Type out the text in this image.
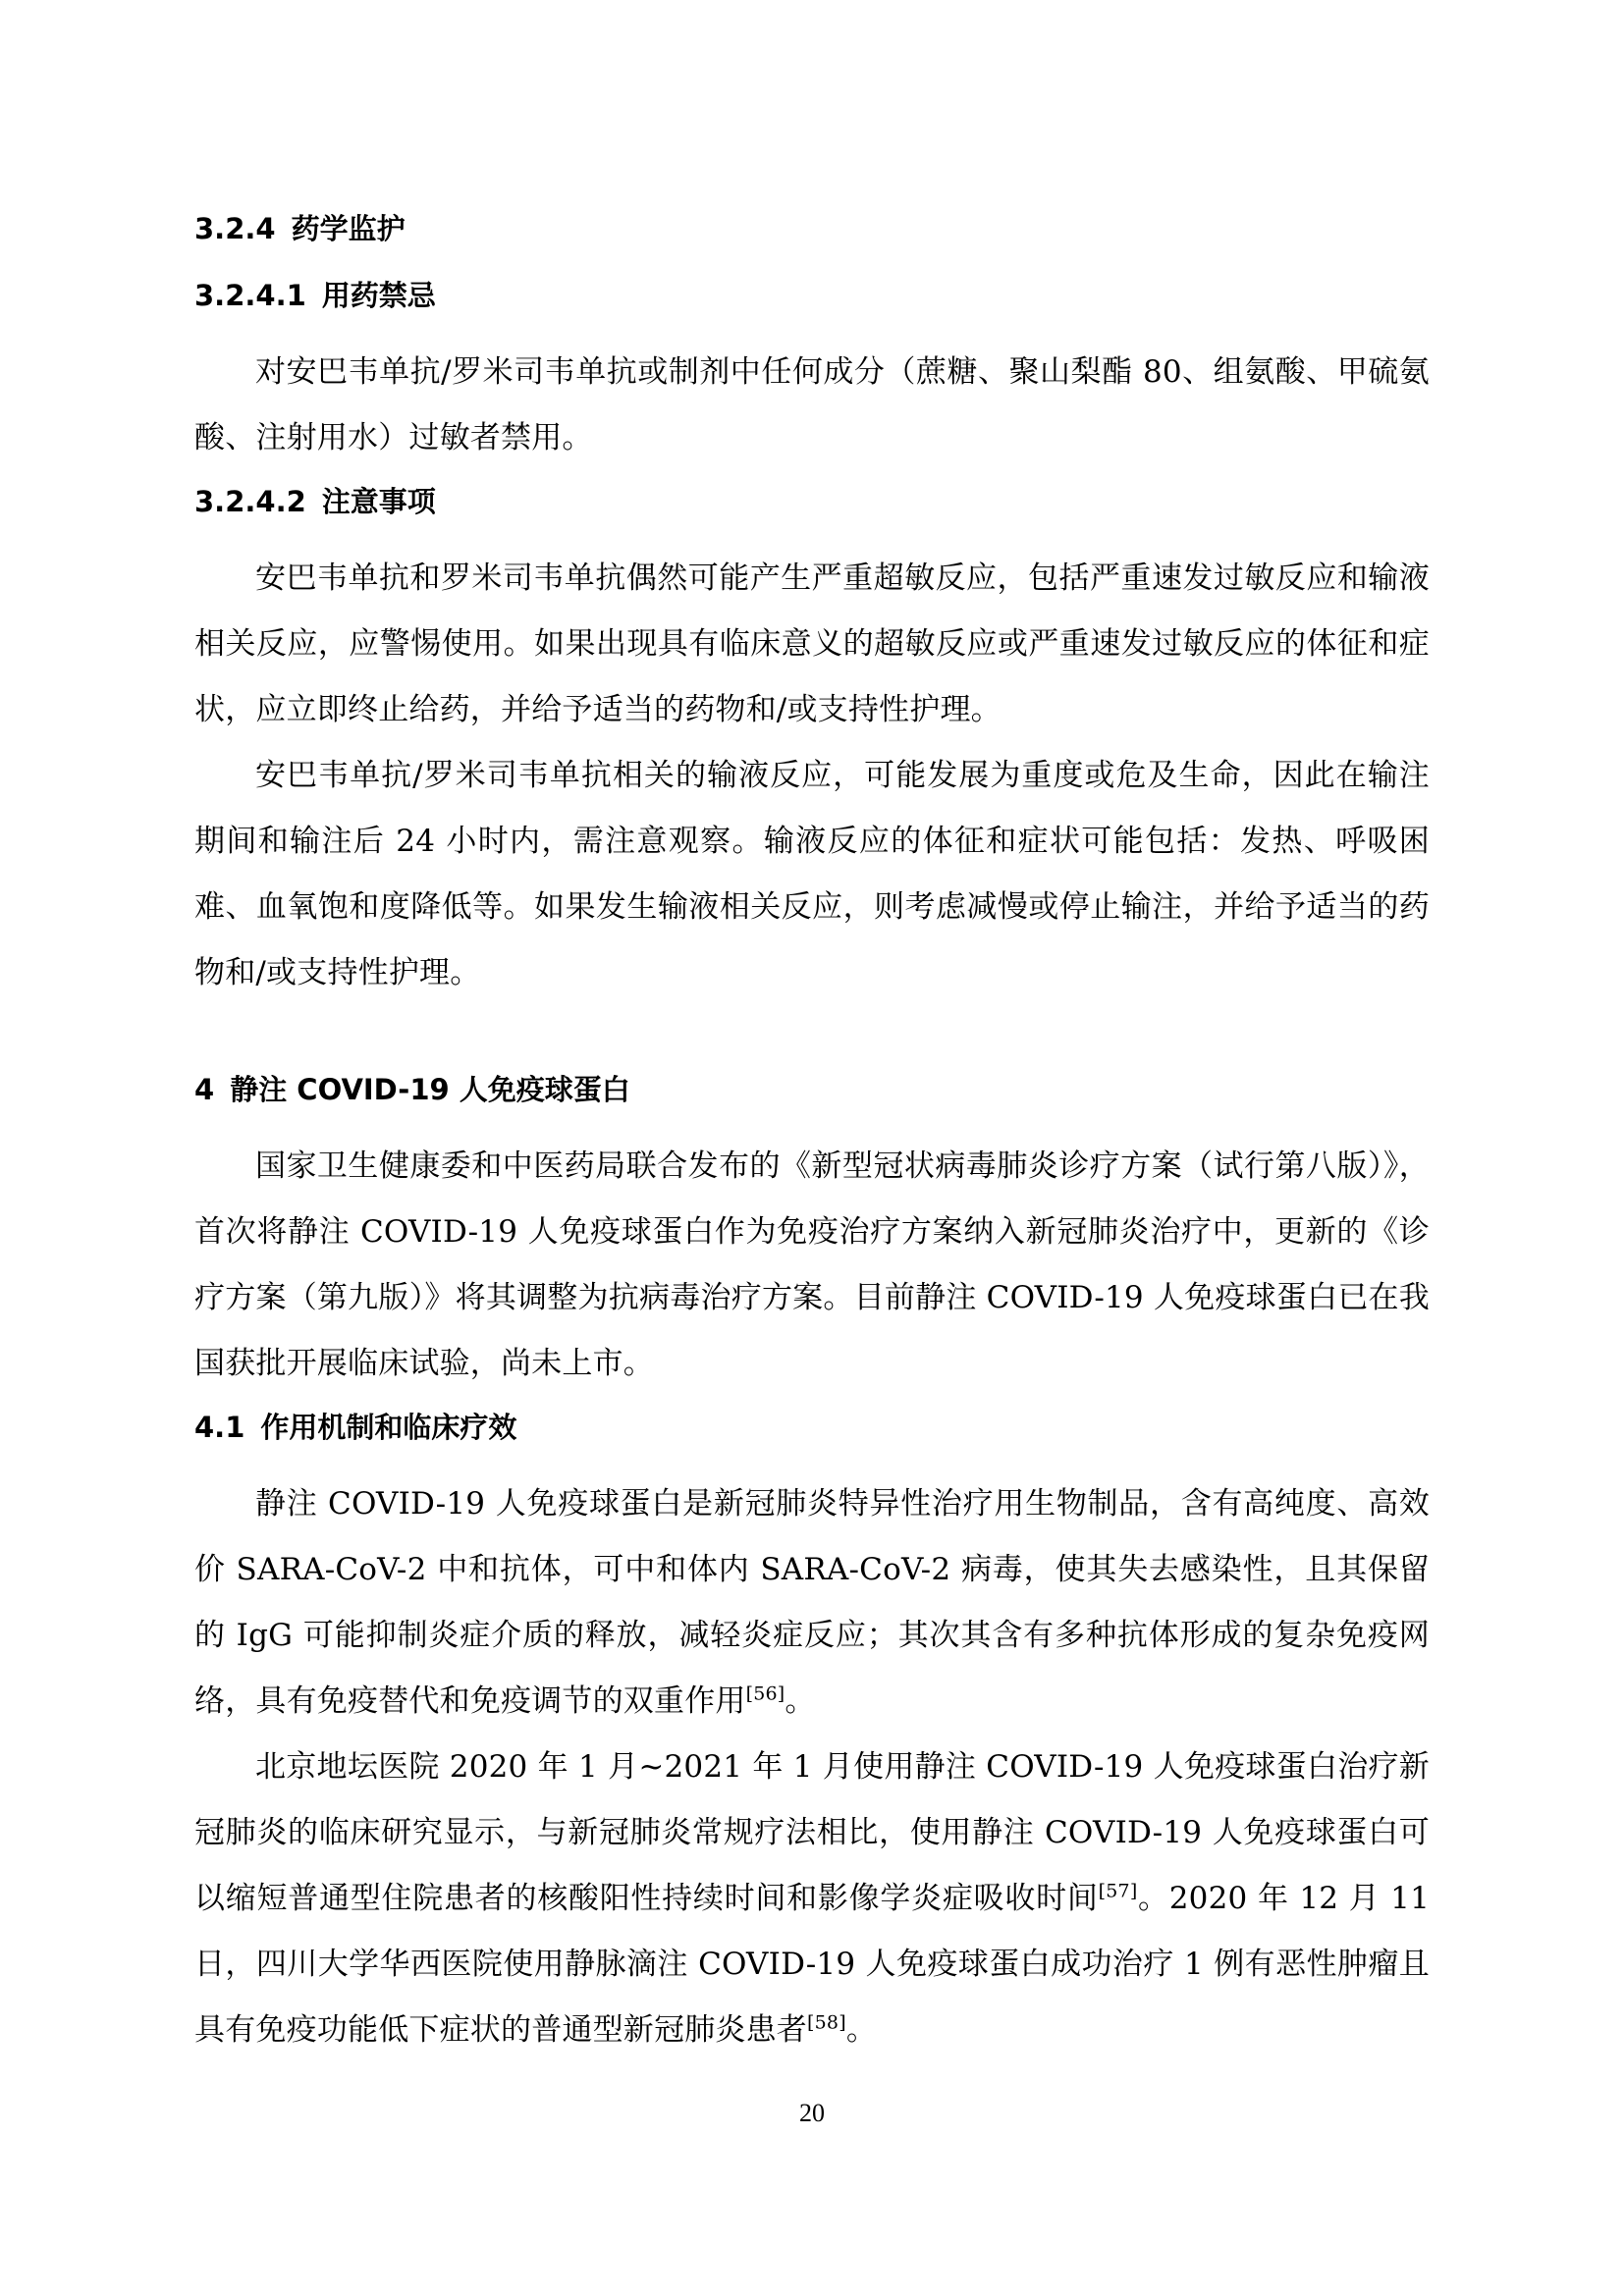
3.2.4 药学监护
3.2.4.1 用药禁忌

对安巴韦单抗/罗米司韦单抗或制剂中任何成分（蔗糖、聚山梨酯 80、组氨酸、甲硫氨酸、注射用水）过敏者禁用。

3.2.4.2 注意事项

安巴韦单抗和罗米司韦单抗偶然可能产生严重超敏反应，包括严重速发过敏反应和输液相关反应，应警惕使用。如果出现具有临床意义的超敏反应或严重速发过敏反应的体征和症状，应立即终止给药，并给予适当的药物和/或支持性护理。

安巴韦单抗/罗米司韦单抗相关的输液反应，可能发展为重度或危及生命，因此在输注期间和输注后 24 小时内，需注意观察。输液反应的体征和症状可能包括：发热、呼吸困难、血氧饱和度降低等。如果发生输液相关反应，则考虑减慢或停止输注，并给予适当的药物和/或支持性护理。

4 静注 COVID-19 人免疫球蛋白

国家卫生健康委和中医药局联合发布的《新型冠状病毒肺炎诊疗方案（试行第八版）》，首次将静注 COVID-19 人免疫球蛋白作为免疫治疗方案纳入新冠肺炎治疗中，更新的《诊疗方案（第九版）》将其调整为抗病毒治疗方案。目前静注 COVID-19 人免疫球蛋白已在我国获批开展临床试验，尚未上市。

4.1 作用机制和临床疗效

静注 COVID-19 人免疫球蛋白是新冠肺炎特异性治疗用生物制品，含有高纯度、高效价 SARA-CoV-2 中和抗体，可中和体内 SARA-CoV-2 病毒，使其失去感染性，且其保留的 IgG 可能抑制炎症介质的释放，减轻炎症反应；其次其含有多种抗体形成的复杂免疫网络，具有免疫替代和免疫调节的双重作用[56]。

北京地坛医院 2020 年 1 月~2021 年 1 月使用静注 COVID-19 人免疫球蛋白治疗新冠肺炎的临床研究显示，与新冠肺炎常规疗法相比，使用静注 COVID-19 人免疫球蛋白可以缩短普通型住院患者的核酸阳性持续时间和影像学炎症吸收时间[57]。2020 年 12 月 11 日，四川大学华西医院使用静脉滴注 COVID-19 人免疫球蛋白成功治疗 1 例有恶性肿瘤且具有免疫功能低下症状的普通型新冠肺炎患者[58]。

20
